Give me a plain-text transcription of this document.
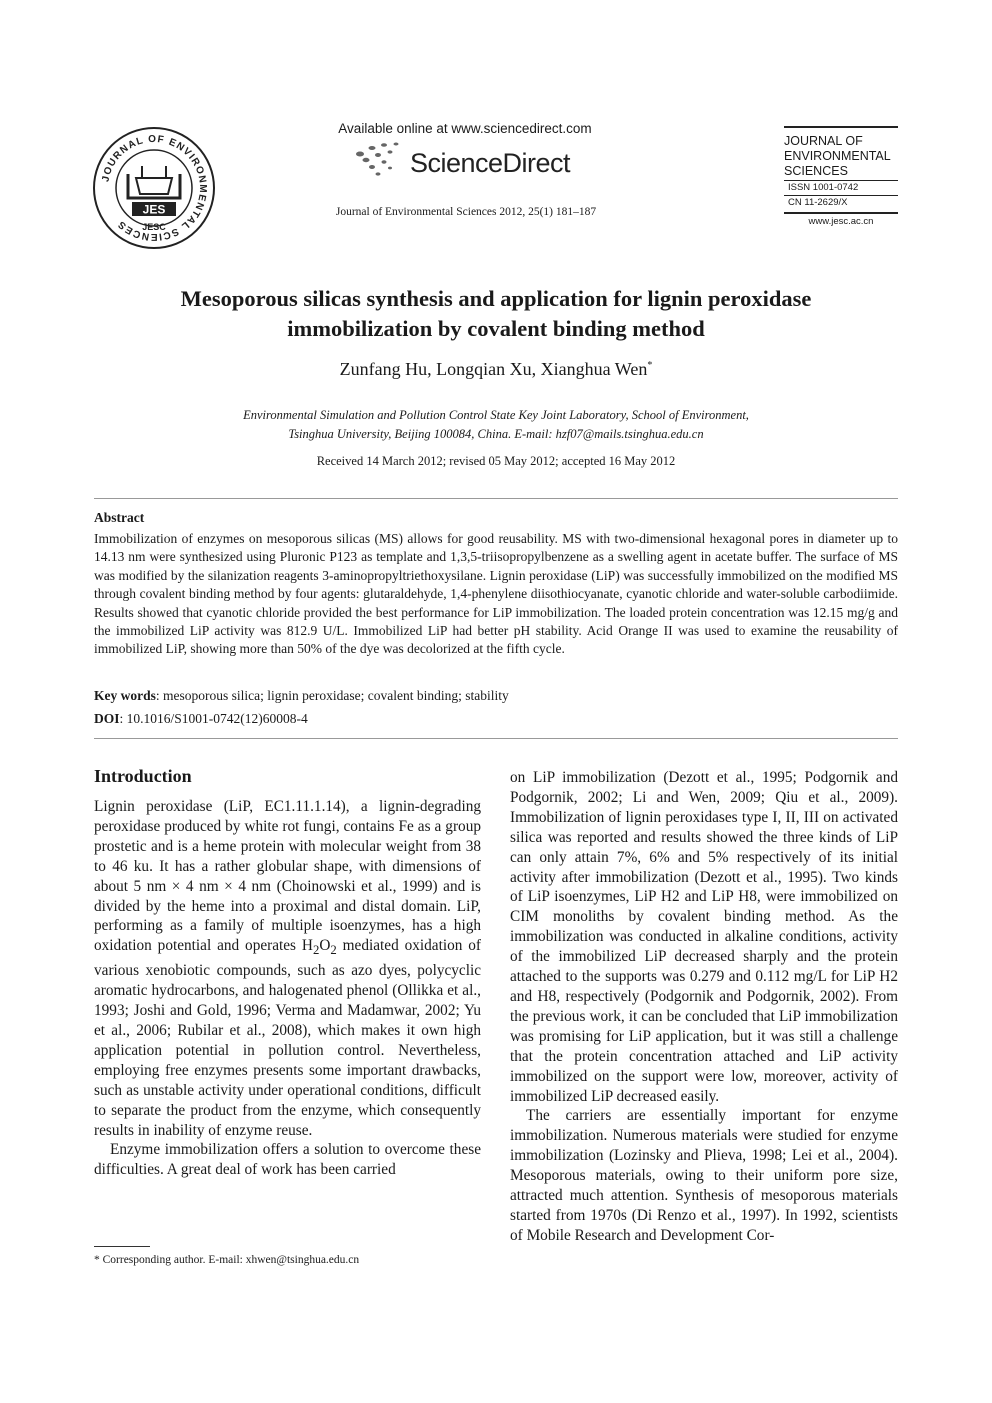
JOURNAL OF ENVIRONMENTAL SCIENCES
JES
JESC
Available online at www.sciencedirect.com
ScienceDirect
Journal of Environmental Sciences 2012, 25(1) 181–187
JOURNAL OF
ENVIRONMENTAL
SCIENCES
ISSN 1001-0742
CN 11-2629/X
www.jesc.ac.cn
Mesoporous silicas synthesis and application for lignin peroxidase
immobilization by covalent binding method
Zunfang Hu, Longqian Xu, Xianghua Wen*
Environmental Simulation and Pollution Control State Key Joint Laboratory, School of Environment,
Tsinghua University, Beijing 100084, China. E-mail: hzf07@mails.tsinghua.edu.cn
Received 14 March 2012; revised 05 May 2012; accepted 16 May 2012
Abstract
Immobilization of enzymes on mesoporous silicas (MS) allows for good reusability. MS with two-dimensional hexagonal pores in diameter up to 14.13 nm were synthesized using Pluronic P123 as template and 1,3,5-triisopropylbenzene as a swelling agent in acetate buffer. The surface of MS was modified by the silanization reagents 3-aminopropyltriethoxysilane. Lignin peroxidase (LiP) was successfully immobilized on the modified MS through covalent binding method by four agents: glutaraldehyde, 1,4-phenylene diisothiocyanate, cyanotic chloride and water-soluble carbodiimide. Results showed that cyanotic chloride provided the best performance for LiP immobilization. The loaded protein concentration was 12.15 mg/g and the immobilized LiP activity was 812.9 U/L. Immobilized LiP had better pH stability. Acid Orange II was used to examine the reusability of immobilized LiP, showing more than 50% of the dye was decolorized at the fifth cycle.
Key words: mesoporous silica; lignin peroxidase; covalent binding; stability
DOI: 10.1016/S1001-0742(12)60008-4
Introduction

Lignin peroxidase (LiP, EC1.11.1.14), a lignin-degrading peroxidase produced by white rot fungi, contains Fe as a group prostetic and is a heme protein with molecular weight from 38 to 46 ku. It has a rather globular shape, with dimensions of about 5 nm × 4 nm × 4 nm (Choinowski et al., 1999) and is divided by the heme into a proximal and distal domain. LiP, performing as a family of multiple isoenzymes, has a high oxidation potential and operates $H_2O_2$ mediated oxidation of various xenobiotic compounds, such as azo dyes, polycyclic aromatic hydrocarbons, and halogenated phenol (Ollikka et al., 1993; Joshi and Gold, 1996; Verma and Madamwar, 2002; Yu et al., 2006; Rubilar et al., 2008), which makes it own high application potential in pollution control. Nevertheless, employing free enzymes presents some important drawbacks, such as unstable activity under operational conditions, difficult to separate the product from the enzyme, which consequently results in inability of enzyme reuse.

Enzyme immobilization offers a solution to overcome these difficulties. A great deal of work has been carried

on LiP immobilization (Dezott et al., 1995; Podgornik and Podgornik, 2002; Li and Wen, 2009; Qiu et al., 2009). Immobilization of lignin peroxidases type I, II, III on activated silica was reported and results showed the three kinds of LiP can only attain 7%, 6% and 5% respectively of its initial activity after immobilization (Dezott et al., 1995). Two kinds of LiP isoenzymes, LiP H2 and LiP H8, were immobilized on CIM monoliths by covalent binding method. As the immobilization was conducted in alkaline conditions, activity of the immobilized LiP decreased sharply and the protein attached to the supports was 0.279 and 0.112 mg/L for LiP H2 and H8, respectively (Podgornik and Podgornik, 2002). From the previous work, it can be concluded that LiP immobilization was promising for LiP application, but it was still a challenge that the protein concentration attached and LiP activity immobilized on the support were low, moreover, activity of immobilized LiP decreased easily.

The carriers are essentially important for enzyme immobilization. Numerous materials were studied for enzyme immobilization (Lozinsky and Plieva, 1998; Lei et al., 2004). Mesoporous materials, owing to their uniform pore size, attracted much attention. Synthesis of mesoporous materials started from 1970s (Di Renzo et al., 1997). In 1992, scientists of Mobile Research and Development Cor-

* Corresponding author. E-mail: xhwen@tsinghua.edu.cn
